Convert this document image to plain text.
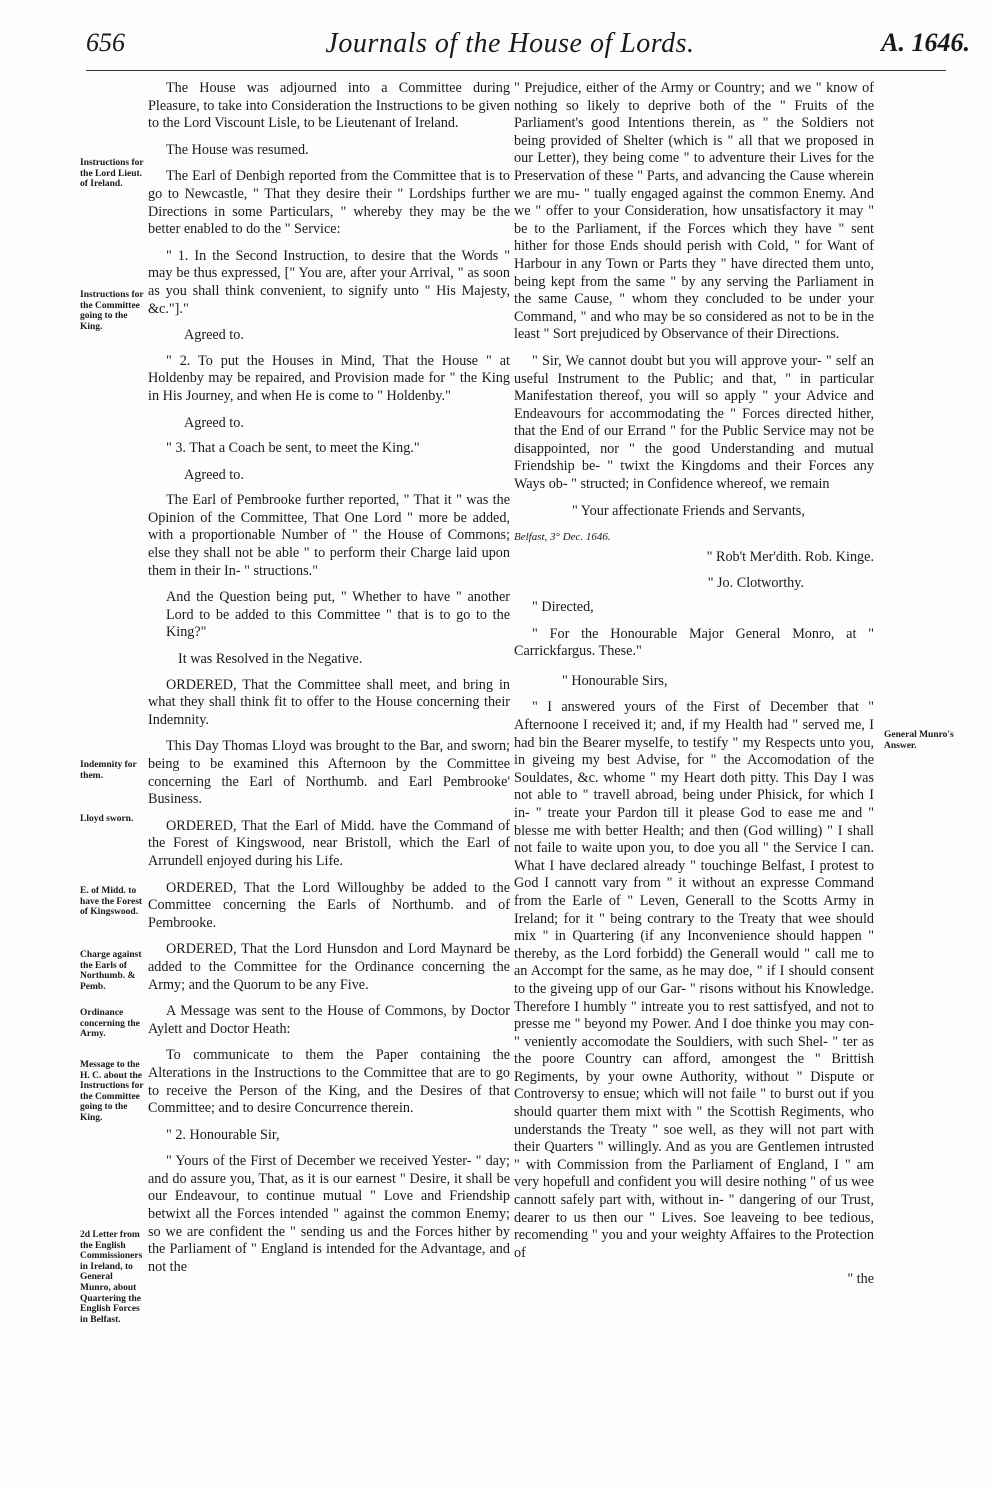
656	Journals of the House of Lords.	A. 1646.
Instructions for the Lord Lieut. of Ireland.
Instructions for the Committee going to the King.
Indemnity for them.
Lloyd sworn.
E. of Midd. to have the Forest of Kingswood.
Charge against the Earls of Northumb. & Pemb.
Ordinance concerning the Army.
Message to the H. C. about the Instructions for the Committee going to the King.
2d Letter from the English Commissioners in Ireland, to General Munro, about Quartering the English Forces in Belfast.
General Munro's Answer.

The House was adjourned into a Committee during Pleasure, to take into Consideration the Instructions to be given to the Lord Viscount Lisle, to be Lieutenant of Ireland.

The House was resumed.

The Earl of Denbigh reported from the Committee that is to go to Newcastle, " That they desire their " Lordships further Directions in some Particulars, " whereby they may be the better enabled to do the " Service:

" 1. In the Second Instruction, to desire that the Words " may be thus expressed, [" You are, after your Arrival, " as soon as you shall think convenient, to signify unto " His Majesty, &c."]."

Agreed to.

" 2. To put the Houses in Mind, That the House " at Holdenby may be repaired, and Provision made for " the King in His Journey, and when He is come to " Holdenby."

Agreed to.

" 3. That a Coach be sent, to meet the King."

Agreed to.

The Earl of Pembrooke further reported, " That it " was the Opinion of the Committee, That One Lord " more be added, with a proportionable Number of " the House of Commons; else they shall not be able " to perform their Charge laid upon them in their In- " structions."

And the Question being put, " Whether to have " another Lord to be added to this Committee " that is to go to the King?"

It was Resolved in the Negative.

ORDERED, That the Committee shall meet, and bring in what they shall think fit to offer to the House concerning their Indemnity.

This Day Thomas Lloyd was brought to the Bar, and sworn; being to be examined this Afternoon by the Committee concerning the Earl of Northumb. and Earl Pembrooke' Business.

ORDERED, That the Earl of Midd. have the Command of the Forest of Kingswood, near Bristoll, which the Earl of Arrundell enjoyed during his Life.

ORDERED, That the Lord Willoughby be added to the Committee concerning the Earls of Northumb. and of Pembrooke.

ORDERED, That the Lord Hunsdon and Lord Maynard be added to the Committee for the Ordinance concerning the Army; and the Quorum to be any Five.

A Message was sent to the House of Commons, by Doctor Aylett and Doctor Heath:

To communicate to them the Paper containing the Alterations in the Instructions to the Committee that are to go to receive the Person of the King, and the Desires of that Committee; and to desire Concurrence therein.

" 2. Honourable Sir,

" Yours of the First of December we received Yester- " day; and do assure you, That, as it is our earnest " Desire, it shall be our Endeavour, to continue mutual " Love and Friendship betwixt all the Forces intended " against the common Enemy; so we are confident the " sending us and the Forces hither by the Parliament of " England is intended for the Advantage, and not the

" Prejudice, either of the Army or Country; and we " know of nothing so likely to deprive both of the " Fruits of the Parliament's good Intentions therein, as " the Soldiers not being provided of Shelter (which is " all that we proposed in our Letter), they being come " to adventure their Lives for the Preservation of these " Parts, and advancing the Cause wherein we are mu- " tually engaged against the common Enemy. And we " offer to your Consideration, how unsatisfactory it may " be to the Parliament, if the Forces which they have " sent hither for those Ends should perish with Cold, " for Want of Harbour in any Town or Parts they " have directed them unto, being kept from the same " by any serving the Parliament in the same Cause, " whom they concluded to be under your Command, " and who may be so considered as not to be in the least " Sort prejudiced by Observance of their Directions.

" Sir, We cannot doubt but you will approve your- " self an useful Instrument to the Public; and that, " in particular Manifestation thereof, you will so apply " your Advice and Endeavours for accommodating the " Forces directed hither, that the End of our Errand " for the Public Service may not be disappointed, nor " the good Understanding and mutual Friendship be- " twixt the Kingdoms and their Forces any Ways ob- " structed; in Confidence whereof, we remain

" Your affectionate Friends and Servants,

Belfast, 3° Dec. 1646.

" Rob't Mer'dith. Rob. Kinge.

" Jo. Clotworthy.

" Directed,

" For the Honourable Major General Monro, at " Carrickfargus. These."

" Honourable Sirs,

" I answered yours of the First of December that " Afternoone I received it; and, if my Health had " served me, I had bin the Bearer myselfe, to testify " my Respects unto you, in giveing my best Advise, for " the Accomodation of the Souldates, &c. whome " my Heart doth pitty. This Day I was not able to " travell abroad, being under Phisick, for which I in- " treate your Pardon till it please God to ease me and " blesse me with better Health; and then (God willing) " I shall not faile to waite upon you, to doe you all " the Service I can. What I have declared already " touchinge Belfast, I protest to God I cannott vary from " it without an expresse Command from the Earle of " Leven, Generall to the Scotts Army in Ireland; for it " being contrary to the Treaty that wee should mix " in Quartering (if any Inconvenience should happen " thereby, as the Lord forbidd) the Generall would " call me to an Accompt for the same, as he may doe, " if I should consent to the giveing upp of our Gar- " risons without his Knowledge. Therefore I humbly " intreate you to rest sattisfyed, and not to presse me " beyond my Power. And I doe thinke you may con- " veniently accomodate the Souldiers, with such Shel- " ter as the poore Country can afford, amongest the " Brittish Regiments, by your owne Authority, without " Dispute or Controversy to ensue; which will not faile " to burst out if you should quarter them mixt with " the Scottish Regiments, who understands the Treaty " soe well, as they will not part with their Quarters " willingly. And as you are Gentlemen intrusted " with Commission from the Parliament of England, I " am very hopefull and confident you will desire nothing " of us wee cannott safely part with, without in- " dangering of our Trust, dearer to us then our " Lives. Soe leaveing to bee tedious, recomending " you and your weighty Affaires to the Protection of

" the
